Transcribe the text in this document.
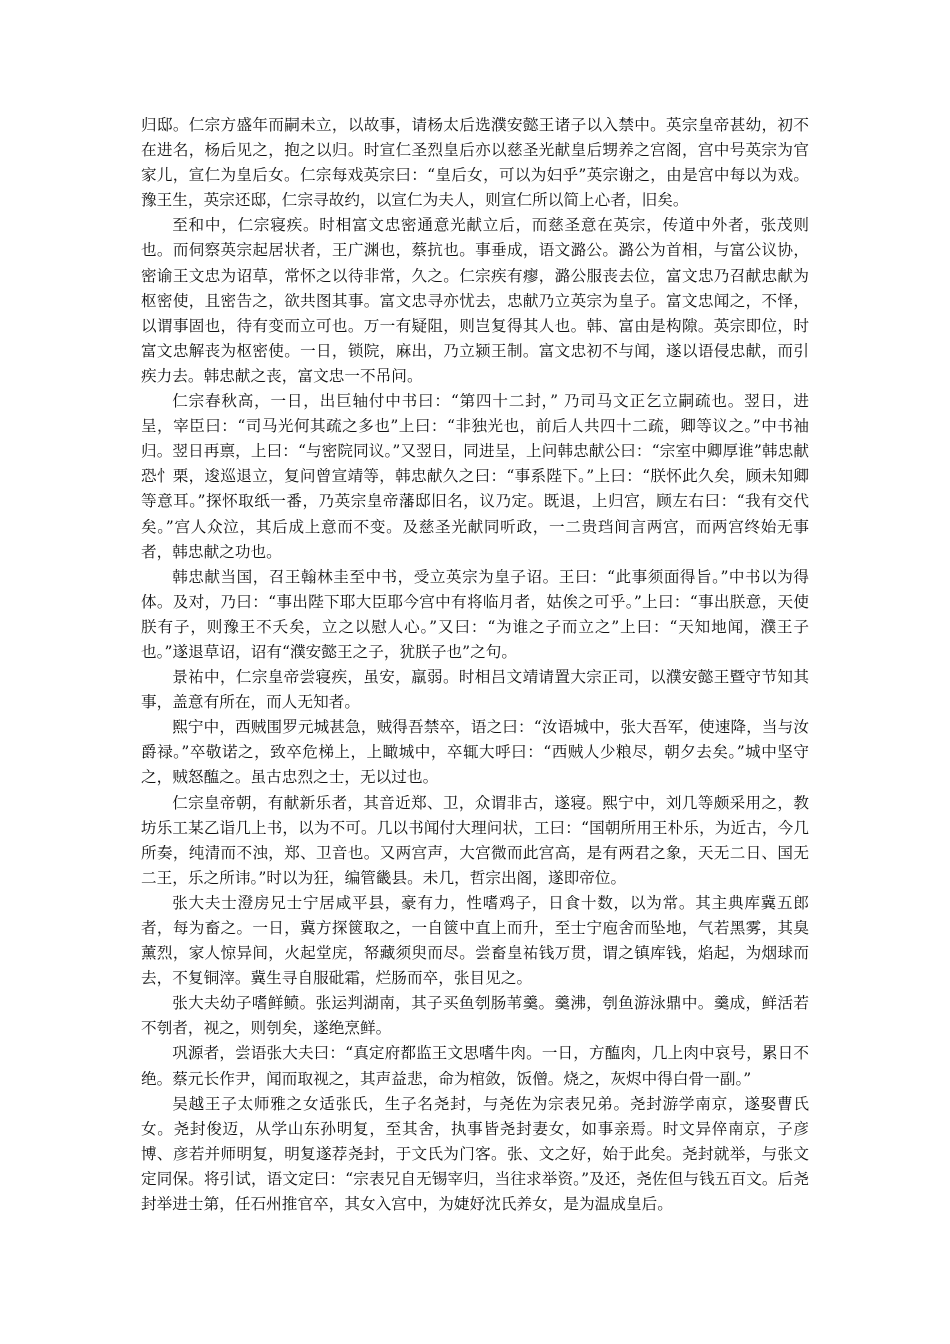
归邸。仁宗方盛年而嗣未立，以故事，请杨太后选濮安懿王诸子以入禁中。英宗皇帝甚幼，初不在进名，杨后见之，抱之以归。时宣仁圣烈皇后亦以慈圣光献皇后甥养之宫阁，宫中号英宗为官家儿，宣仁为皇后女。仁宗每戏英宗曰：“皇后女，可以为妇乎”英宗谢之，由是宫中每以为戏。豫王生，英宗还邸，仁宗寻故约，以宣仁为夫人，则宣仁所以简上心者，旧矣。

至和中，仁宗寝疾。时相富文忠密通意光献立后，而慈圣意在英宗，传道中外者，张茂则也。而伺察英宗起居状者，王广渊也，蔡抗也。事垂成，语文潞公。潞公为首相，与富公议协，密谕王文忠为诏草，常怀之以待非常，久之。仁宗疾有瘳，潞公服丧去位，富文忠乃召献忠献为枢密使，且密告之，欲共图其事。富文忠寻亦忧去，忠献乃立英宗为皇子。富文忠闻之，不怿，以谓事固也，待有变而立可也。万一有疑阻，则岂复得其人也。韩、富由是构隙。英宗即位，时富文忠解丧为枢密使。一日，锁院，麻出，乃立颍王制。富文忠初不与闻，遂以语侵忠献，而引疾力去。韩忠献之丧，富文忠一不吊问。

仁宗春秋高，一日，出巨轴付中书曰：“第四十二封，” 乃司马文正乞立嗣疏也。翌日，进呈，宰臣曰：“司马光何其疏之多也”上曰：“非独光也，前后人共四十二疏，卿等议之。”中书袖归。翌日再禀，上曰：“与密院同议。”又翌日，同进呈，上问韩忠献公曰：“宗室中卿厚谁”韩忠献恐忄栗，逡巡退立，复问曾宣靖等，韩忠献久之曰：“事系陛下。”上曰：“朕怀此久矣，顾未知卿等意耳。”探怀取纸一番，乃英宗皇帝藩邸旧名，议乃定。既退，上归宫，顾左右曰：“我有交代矣。”宫人众泣，其后成上意而不变。及慈圣光献同听政，一二贵珰间言两宫，而两宫终始无事者，韩忠献之功也。

韩忠献当国，召王翰林圭至中书，受立英宗为皇子诏。王曰：“此事须面得旨。”中书以为得体。及对，乃曰：“事出陛下耶大臣耶今宫中有将临月者，姑俟之可乎。”上曰：“事出朕意，天使朕有子，则豫王不夭矣，立之以慰人心。”又曰：“为谁之子而立之”上曰：“天知地闻，濮王子也。”遂退草诏，诏有“濮安懿王之子，犹朕子也”之句。

景祐中，仁宗皇帝尝寝疾，虽安，羸弱。时相吕文靖请置大宗正司，以濮安懿王暨守节知其事，盖意有所在，而人无知者。

熙宁中，西贼围罗元城甚急，贼得吾禁卒，语之曰：“汝语城中，张大吾军，使速降，当与汝爵禄。”卒敬诺之，致卒危梯上，上瞰城中，卒辄大呼曰：“西贼人少粮尽，朝夕去矣。”城中坚守之，贼怒醢之。虽古忠烈之士，无以过也。

仁宗皇帝朝，有献新乐者，其音近郑、卫，众谓非古，遂寝。熙宁中，刘几等颇采用之，教坊乐工某乙诣几上书，以为不可。几以书闻付大理问状，工曰：“国朝所用王朴乐，为近古，今几所奏，纯清而不浊，郑、卫音也。又两宫声，大宫微而此宫高，是有两君之象，天无二日、国无二王，乐之所讳。”时以为狂，编管畿县。未几，哲宗出阁，遂即帝位。

张大夫士澄房兄士宁居咸平县，豪有力，性嗜鸡子，日食十数，以为常。其主典库冀五郎者，每为畜之。一日，冀方探篋取之，一自篋中直上而升，至士宁庖舍而坠地，气若黑雾，其臭薰烈，家人惊异间，火起堂庑，帑藏须臾而尽。尝畜皇祐钱万贯，谓之镇库钱，焰起，为烟球而去，不复铜滓。冀生寻自服砒霜，烂肠而卒，张目见之。

张大夫幼子嗜鲜鲼。张运判湖南，其子买鱼刳肠苇羹。羹沸，刳鱼游泳鼎中。羹成，鲜活若不刳者，视之，则刳矣，遂绝烹鲜。

巩源者，尝语张大夫曰：“真定府都监王文思嗜牛肉。一日，方醢肉，几上肉中哀号，累日不绝。蔡元长作尹，闻而取视之，其声益悲，命为棺敛，饭僧。烧之，灰烬中得白骨一副。”

吴越王子太师雅之女适张氏，生子名尧封，与尧佐为宗表兄弟。尧封游学南京，遂娶曹氏女。尧封俊迈，从学山东孙明复，至其舍，执事皆尧封妻女，如事亲焉。时文异倅南京，子彦博、彦若并师明复，明复遂荐尧封，于文氏为门客。张、文之好，始于此矣。尧封就举，与张文定同保。将引试，语文定曰：“宗表兄自无锡宰归，当往求举资。”及还，尧佐但与钱五百文。后尧封举进士第，任石州推官卒，其女入宫中，为婕妤沈氏养女，是为温成皇后。
